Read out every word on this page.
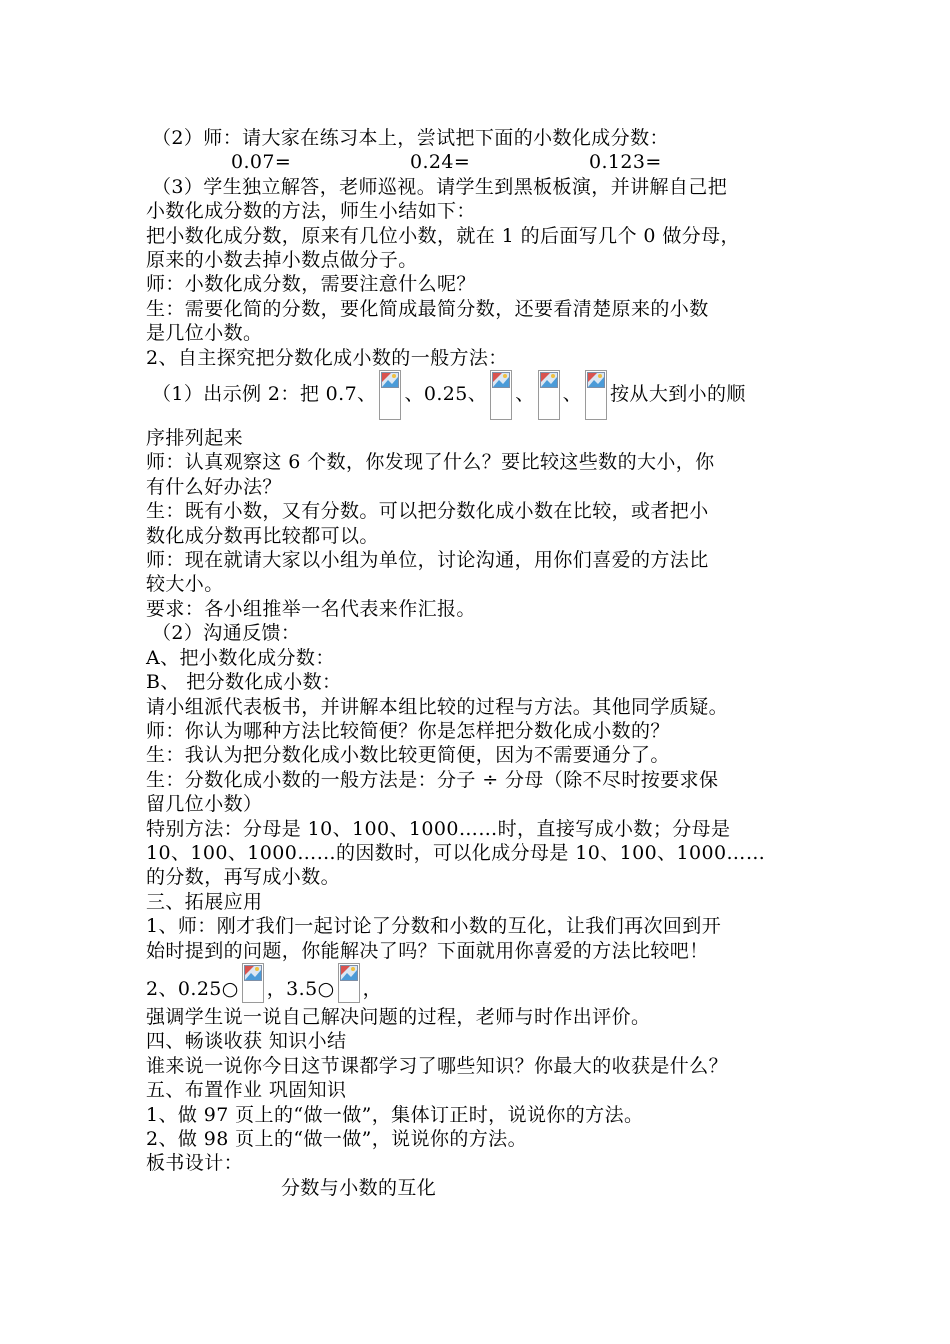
（2）师：请大家在练习本上，尝试把下面的小数化成分数：
0.07=	0.24=	0.123=
（3）学生独立解答，老师巡视。请学生到黑板板演，并讲解自己把
小数化成分数的方法，师生小结如下：
把小数化成分数，原来有几位小数，就在 1 的后面写几个 0 做分母，
原来的小数去掉小数点做分子。
师：小数化成分数，需要注意什么呢？
生：需要化简的分数，要化简成最简分数，还要看清楚原来的小数
是几位小数。
2、自主探究把分数化成小数的一般方法：
（1）出示例 2：把 0.7、 、0.25、 、 、 按从大到小的顺
序排列起来
师：认真观察这 6 个数，你发现了什么？要比较这些数的大小，你
有什么好办法？
生：既有小数，又有分数。可以把分数化成小数在比较，或者把小
数化成分数再比较都可以。
师：现在就请大家以小组为单位，讨论沟通，用你们喜爱的方法比
较大小。
要求：各小组推举一名代表来作汇报。
（2）沟通反馈：
A、把小数化成分数：
B、 把分数化成小数：
请小组派代表板书，并讲解本组比较的过程与方法。其他同学质疑。
师：你认为哪种方法比较简便？你是怎样把分数化成小数的？
生：我认为把分数化成小数比较更简便，因为不需要通分了。
生：分数化成小数的一般方法是：分子 ÷ 分母（除不尽时按要求保
留几位小数）
特别方法：分母是 10、100、1000……时，直接写成小数；分母是
10、100、1000……的因数时，可以化成分母是 10、100、1000……
的分数，再写成小数。
三、拓展应用
1、师：刚才我们一起讨论了分数和小数的互化，让我们再次回到开
始时提到的问题，你能解决了吗？下面就用你喜爱的方法比较吧！
2、0.25○ ，3.5○ ，
强调学生说一说自己解决问题的过程，老师与时作出评价。
四、畅谈收获 知识小结
谁来说一说你今日这节课都学习了哪些知识？你最大的收获是什么？
五、布置作业 巩固知识
1、做 97 页上的“做一做”，集体订正时，说说你的方法。
2、做 98 页上的“做一做”，说说你的方法。
板书设计：
分数与小数的互化
